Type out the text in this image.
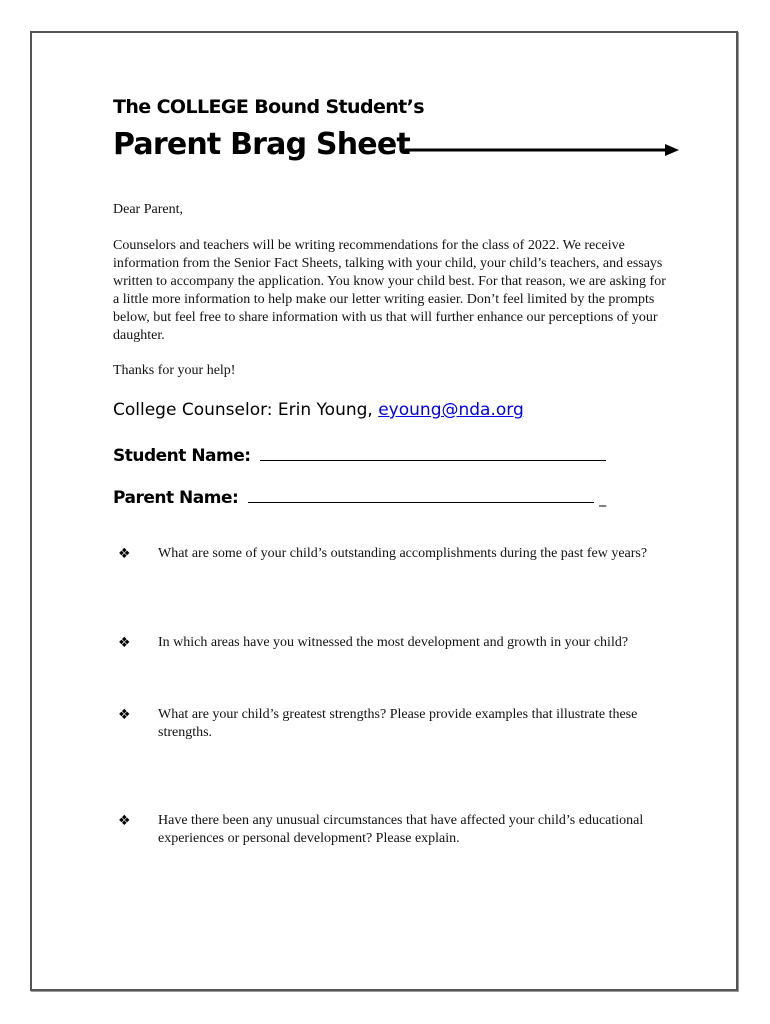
The COLLEGE Bound Student’s
Parent Brag Sheet
Dear Parent,
Counselors and teachers will be writing recommendations for the class of 2022. We receive information from the Senior Fact Sheets, talking with your child, your child’s teachers, and essays written to accompany the application. You know your child best. For that reason, we are asking for a little more information to help make our letter writing easier. Don’t feel limited by the prompts below, but feel free to share information with us that will further enhance our perceptions of your daughter.
Thanks for your help!
College Counselor: Erin Young, eyoung@nda.org
Student Name:
Parent Name:	_
❖ What are some of your child’s outstanding accomplishments during the past few years?
❖ In which areas have you witnessed the most development and growth in your child?
❖ What are your child’s greatest strengths? Please provide examples that illustrate these strengths.
❖ Have there been any unusual circumstances that have affected your child’s educational experiences or personal development? Please explain.
